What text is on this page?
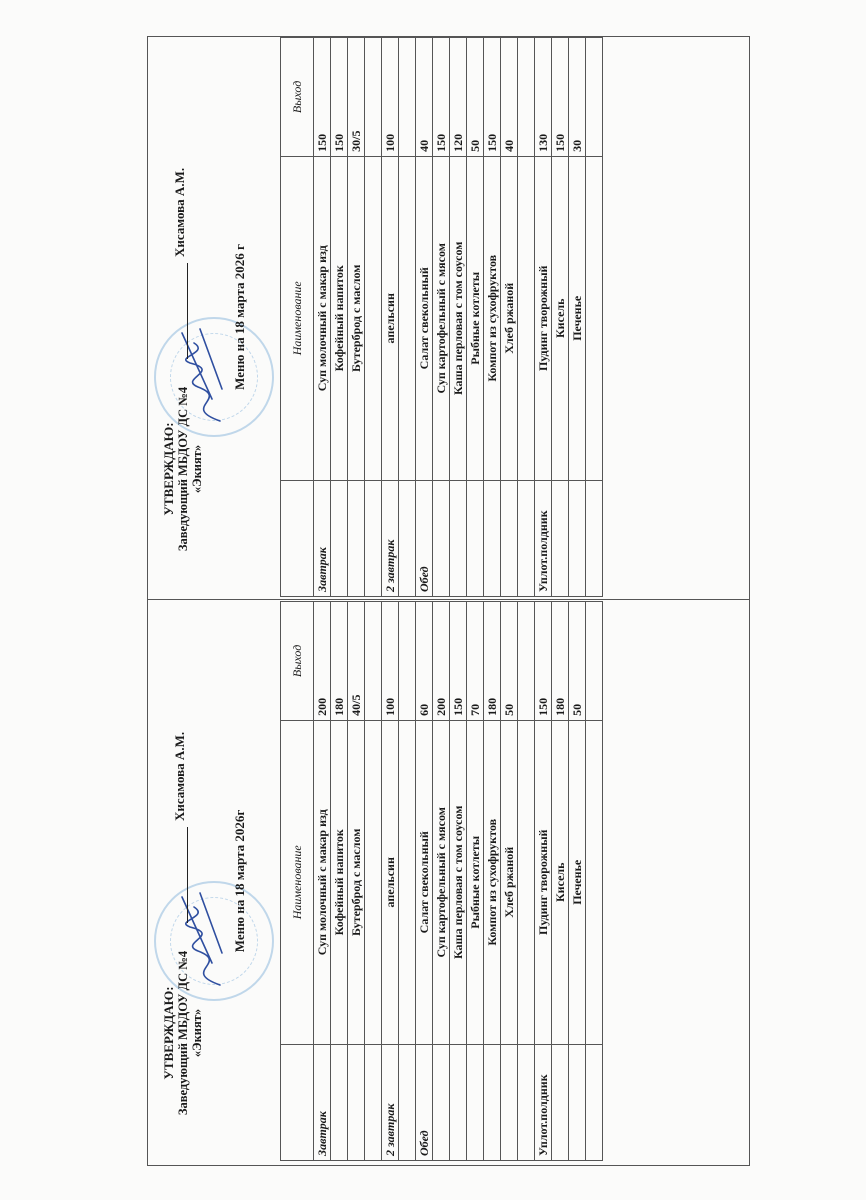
УТВЕРЖДАЮ: Заведующий МБДОУ ДС №4 «Экият»
Хисамова А.М.
Меню на 18 марта 2026 г
		Наименование	Выход
Завтрак	Суп молочный с макар изд	150
	Кофейный напиток	150
	Бутерброд с маслом	30/5

2 завтрак	апельсин	100

Обед	Салат свекольный	40
	Суп картофельный с мясом	150
	Каша перловая с том соусом	120
	Рыбные котлеты	50
	Компот из сухофруктов	150
	Хлеб ржаной	40

Уплот.полдник	Пудинг творожный	130
	Кисель	150
	Печенье	30

УТВЕРЖДАЮ: Заведующий МБДОУ ДС №4 «Экият»
Хисамова А.М.
Меню на 18 марта 2026г
		Наименование	Выход
Завтрак	Суп молочный с макар изд	200
	Кофейный напиток	180
	Бутерброд с маслом	40/5

2 завтрак	апельсин	100

Обед	Салат свекольный	60
	Суп картофельный с мясом	200
	Каша перловая с том соусом	150
	Рыбные котлеты	70
	Компот из сухофруктов	180
	Хлеб ржаной	50

Уплот.полдник	Пудинг творожный	150
	Кисель	180
	Печенье	50
